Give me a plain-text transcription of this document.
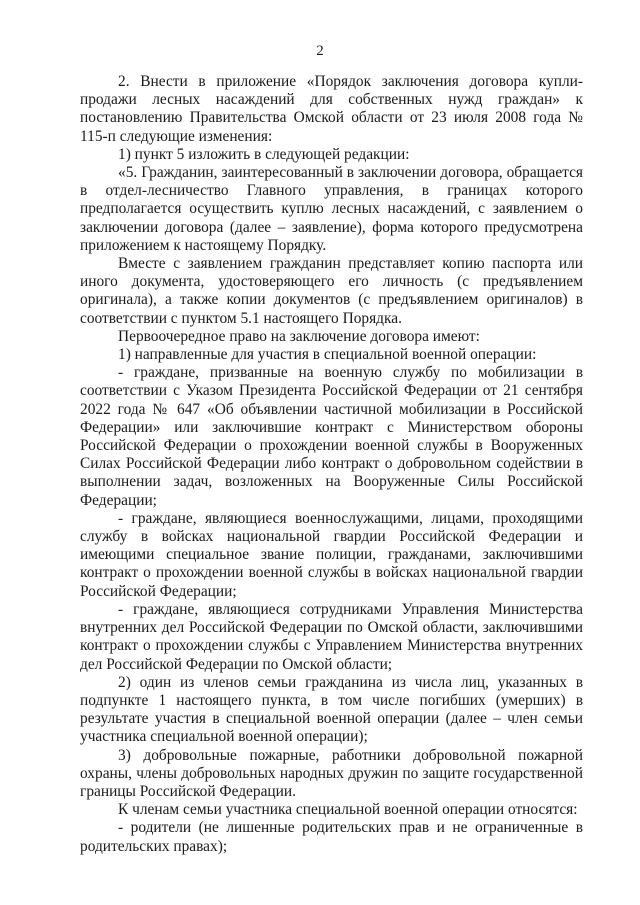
2

2. Внести в приложение «Порядок заключения договора купли-продажи лесных насаждений для собственных нужд граждан» к постановлению Правительства Омской области от 23 июля 2008 года № 115-п следующие изменения:

1) пункт 5 изложить в следующей редакции:

«5. Гражданин, заинтересованный в заключении договора, обращается в отдел-лесничество Главного управления, в границах которого предполагается осуществить куплю лесных насаждений, с заявлением о заключении договора (далее – заявление), форма которого предусмотрена приложением к настоящему Порядку.

Вместе с заявлением гражданин представляет копию паспорта или иного документа, удостоверяющего его личность (с предъявлением оригинала), а также копии документов (с предъявлением оригиналов) в соответствии с пунктом 5.1 настоящего Порядка.

Первоочередное право на заключение договора имеют:

1) направленные для участия в специальной военной операции:

- граждане, призванные на военную службу по мобилизации в соответствии с Указом Президента Российской Федерации от 21 сентября 2022 года № 647 «Об объявлении частичной мобилизации в Российской Федерации» или заключившие контракт с Министерством обороны Российской Федерации о прохождении военной службы в Вооруженных Силах Российской Федерации либо контракт о добровольном содействии в выполнении задач, возложенных на Вооруженные Силы Российской Федерации;

- граждане, являющиеся военнослужащими, лицами, проходящими службу в войсках национальной гвардии Российской Федерации и имеющими специальное звание полиции, гражданами, заключившими контракт о прохождении военной службы в войсках национальной гвардии Российской Федерации;

- граждане, являющиеся сотрудниками Управления Министерства внутренних дел Российской Федерации по Омской области, заключившими контракт о прохождении службы с Управлением Министерства внутренних дел Российской Федерации по Омской области;

2) один из членов семьи гражданина из числа лиц, указанных в подпункте 1 настоящего пункта, в том числе погибших (умерших) в результате участия в специальной военной операции (далее – член семьи участника специальной военной операции);

3) добровольные пожарные, работники добровольной пожарной охраны, члены добровольных народных дружин по защите государственной границы Российской Федерации.

К членам семьи участника специальной военной операции относятся:

- родители (не лишенные родительских прав и не ограниченные в родительских правах);
